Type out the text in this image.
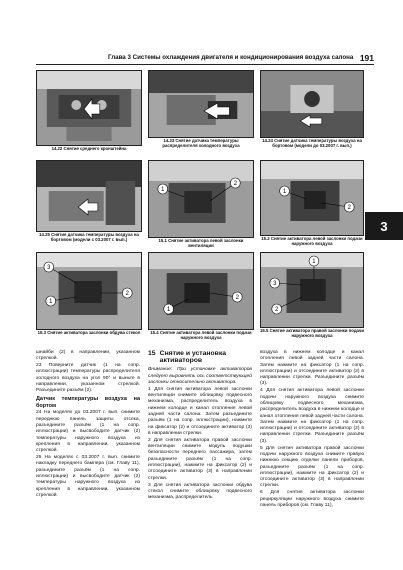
Глава 3 Системы охлаждения двигателя и кондиционирования воздуха салона 191
3
14.22 Снятие среднего кронштейна
14.23 Снятие датчика температуры распределителя холодного воздуха
14.24 Снятие датчика температуры воздуха на бортовом (модели до 03.2007 г. вып.)
14.25 Снятие датчика температуры воздуха на бортовом (модели с 03.2007 г. вып.)
1
2
15.1 Снятие активатора левой заслонки вентиляции
1
2
15.2 Снятие активатора левой заслонки подачи наружного воздуха
3
1
2
15.3 Снятие активатора заслонки обдува стекол
1
2
15.4 Снятие активатора левой заслонки подачи наружного воздуха
3
1
2
15.5 Снятие активатора правой заслонки подачи наружного воздуха

шнайби (2) в направлении, указанном стрелкой.

23 Поверните датчик (1 на сопр. иллюстрации) температуры распределителя холодного воздуха на угол 90° и выньте в направлении, указанном стрелкой. Разъедините разъём (2).

Датчик температуры воздуха на бортом

24 На моделях до 03.2007 г. вып. снимите переднюю панель защиты отсека, разъедините разъём (1 на сопр. иллюстрации) и высвободите датчик (2) температуры наружного воздуха из крепления в направлении, указанном стрелкой.

25 На моделях с 03.2007 г. вып. снимите накладку переднего бампера (см. Главу 11), разъедините разъём (1 на сопр. иллюстрации) и высвободите датчик (2) температуры наружного воздуха из крепления в направлении, указанном стрелкой.

15 Снятие и установка активаторов

Внимание: При установке активаторов следует выровнять ось соответствующей заслонки относительно активатора.

1 Для снятия активатора левой заслонки вентиляции снимите облицовку подвесного механизма, распределитель воздуха в нижнем колодце и канал отопления левой задней части салона. Затем разъедините разъём (1 на сопр. иллюстрации), нажмите на фиксатор (2) и отсоедините активатор (3) в направлении стрелки.

2 Для снятия активатора правой заслонки вентиляции снимите модуль подушки безопасности переднего пассажира, затем разъедините разъём (1 на сопр. иллюстрации), нажмите на фиксатор (2) и отсоедините активатор (3) в направлении стрелки.

3 Для снятия активатора заслонки обдува стекол снимите облицовку подвесного механизма, распределитель

воздуха в нижнем колодце и канал отопления левой задней части салона. Затем нажмите на фиксатор (1 на сопр. иллюстрации) и отсоедините активатор (2) в направлении стрелки. Разъедините разъём (3).

4 Для снятия активатора левой заслонки подачи наружного воздуха снимите облицовку подвесного механизма, распределитель воздуха в нижнем колодце и канал отопления левой задней части салона. Затем нажмите на фиксатор (1 на сопр. иллюстрации) и отсоедините активатор (2) в направлении стрелки. Разъедините разъём (3).

5 Для снятия активатора правой заслонки подачи наружного воздуха снимите правую нижнюю секцию отделки панели приборов, разъедините разъём (1 на сопр. иллюстрации), нажмите на фиксатор (2) и отсоедините активатор (3) в направлении стрелки.

6 Для снятия активатора заслонки рециркуляции наружного воздуха снимите панель приборов (см. Главу 11),
